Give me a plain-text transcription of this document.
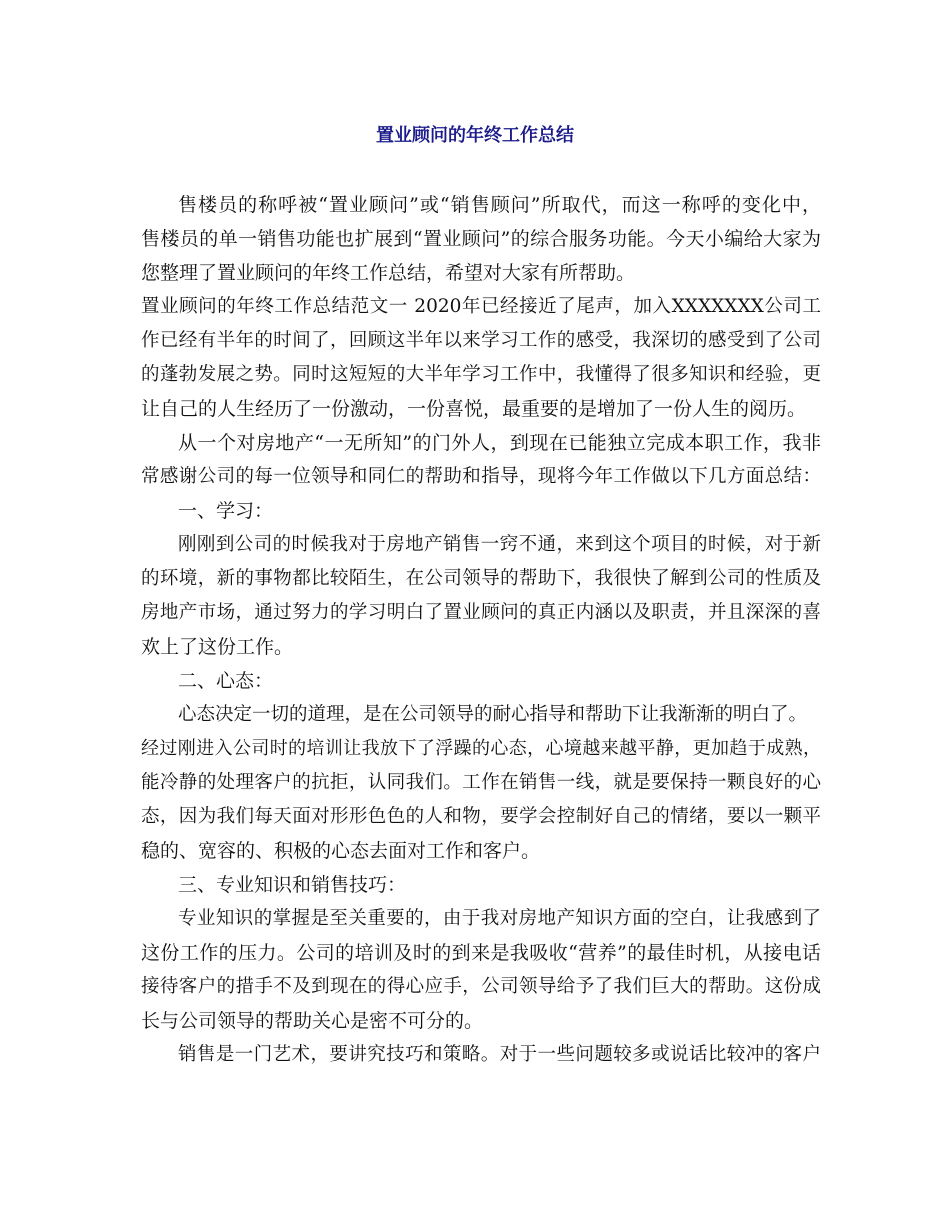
置业顾问的年终工作总结

售楼员的称呼被“置业顾问”或“销售顾问”所取代，而这一称呼的变化中，

售楼员的单一销售功能也扩展到“置业顾问”的综合服务功能。今天小编给大家为

您整理了置业顾问的年终工作总结，希望对大家有所帮助。

置业顾问的年终工作总结范文一 2020年已经接近了尾声，加入XXXXXXX公司工

作已经有半年的时间了，回顾这半年以来学习工作的感受，我深切的感受到了公司

的蓬勃发展之势。同时这短短的大半年学习工作中，我懂得了很多知识和经验，更

让自己的人生经历了一份激动，一份喜悦，最重要的是增加了一份人生的阅历。

从一个对房地产“一无所知”的门外人，到现在已能独立完成本职工作，我非

常感谢公司的每一位领导和同仁的帮助和指导，现将今年工作做以下几方面总结：

一、学习：

刚刚到公司的时候我对于房地产销售一窍不通，来到这个项目的时候，对于新

的环境，新的事物都比较陌生，在公司领导的帮助下，我很快了解到公司的性质及

房地产市场，通过努力的学习明白了置业顾问的真正内涵以及职责，并且深深的喜

欢上了这份工作。

二、心态：

心态决定一切的道理，是在公司领导的耐心指导和帮助下让我渐渐的明白了。

经过刚进入公司时的培训让我放下了浮躁的心态，心境越来越平静，更加趋于成熟，

能冷静的处理客户的抗拒，认同我们。工作在销售一线，就是要保持一颗良好的心

态，因为我们每天面对形形色色的人和物，要学会控制好自己的情绪，要以一颗平

稳的、宽容的、积极的心态去面对工作和客户。

三、专业知识和销售技巧：

专业知识的掌握是至关重要的，由于我对房地产知识方面的空白，让我感到了

这份工作的压力。公司的培训及时的到来是我吸收“营养”的最佳时机，从接电话

接待客户的措手不及到现在的得心应手，公司领导给予了我们巨大的帮助。这份成

长与公司领导的帮助关心是密不可分的。

销售是一门艺术，要讲究技巧和策略。对于一些问题较多或说话比较冲的客户
